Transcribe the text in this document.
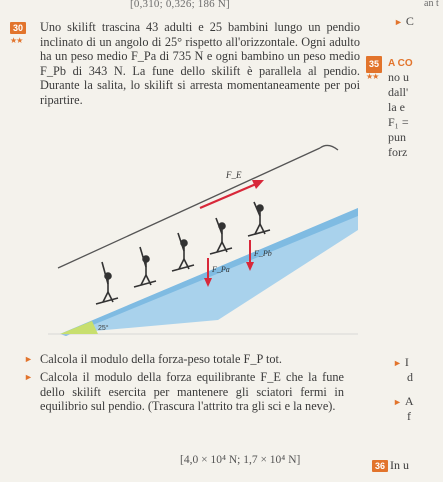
[0,310; 0,326; 186 N]	an t
30
★★

Uno skilift trascina 43 adulti e 25 bambini lungo un pendio inclinato di un angolo di 25° rispetto all'orizzontale. Ogni adulto ha un peso medio F_Pa di 735 N e ogni bambino un peso medio F_Pb di 343 N. La fune dello skilift è parallela al pendio. Durante la salita, lo skilift si arresta momentaneamente per poi ripartire.

► C
35 A CO
★★ no u
dall'
la e
F₁ =
pun
forz
25°
F_E
F_Pa
F_Pb
► Calcola il modulo della forza-peso totale F_P tot.
► Calcola il modulo della forza equilibrante F_E che la fune dello skilift esercita per mantenere gli sciatori fermi in equilibrio sul pendio. (Trascura l'attrito tra gli sci e la neve).
[4,0 × 10⁴ N; 1,7 × 10⁴ N]
► I
d
► A
f
36 In u
